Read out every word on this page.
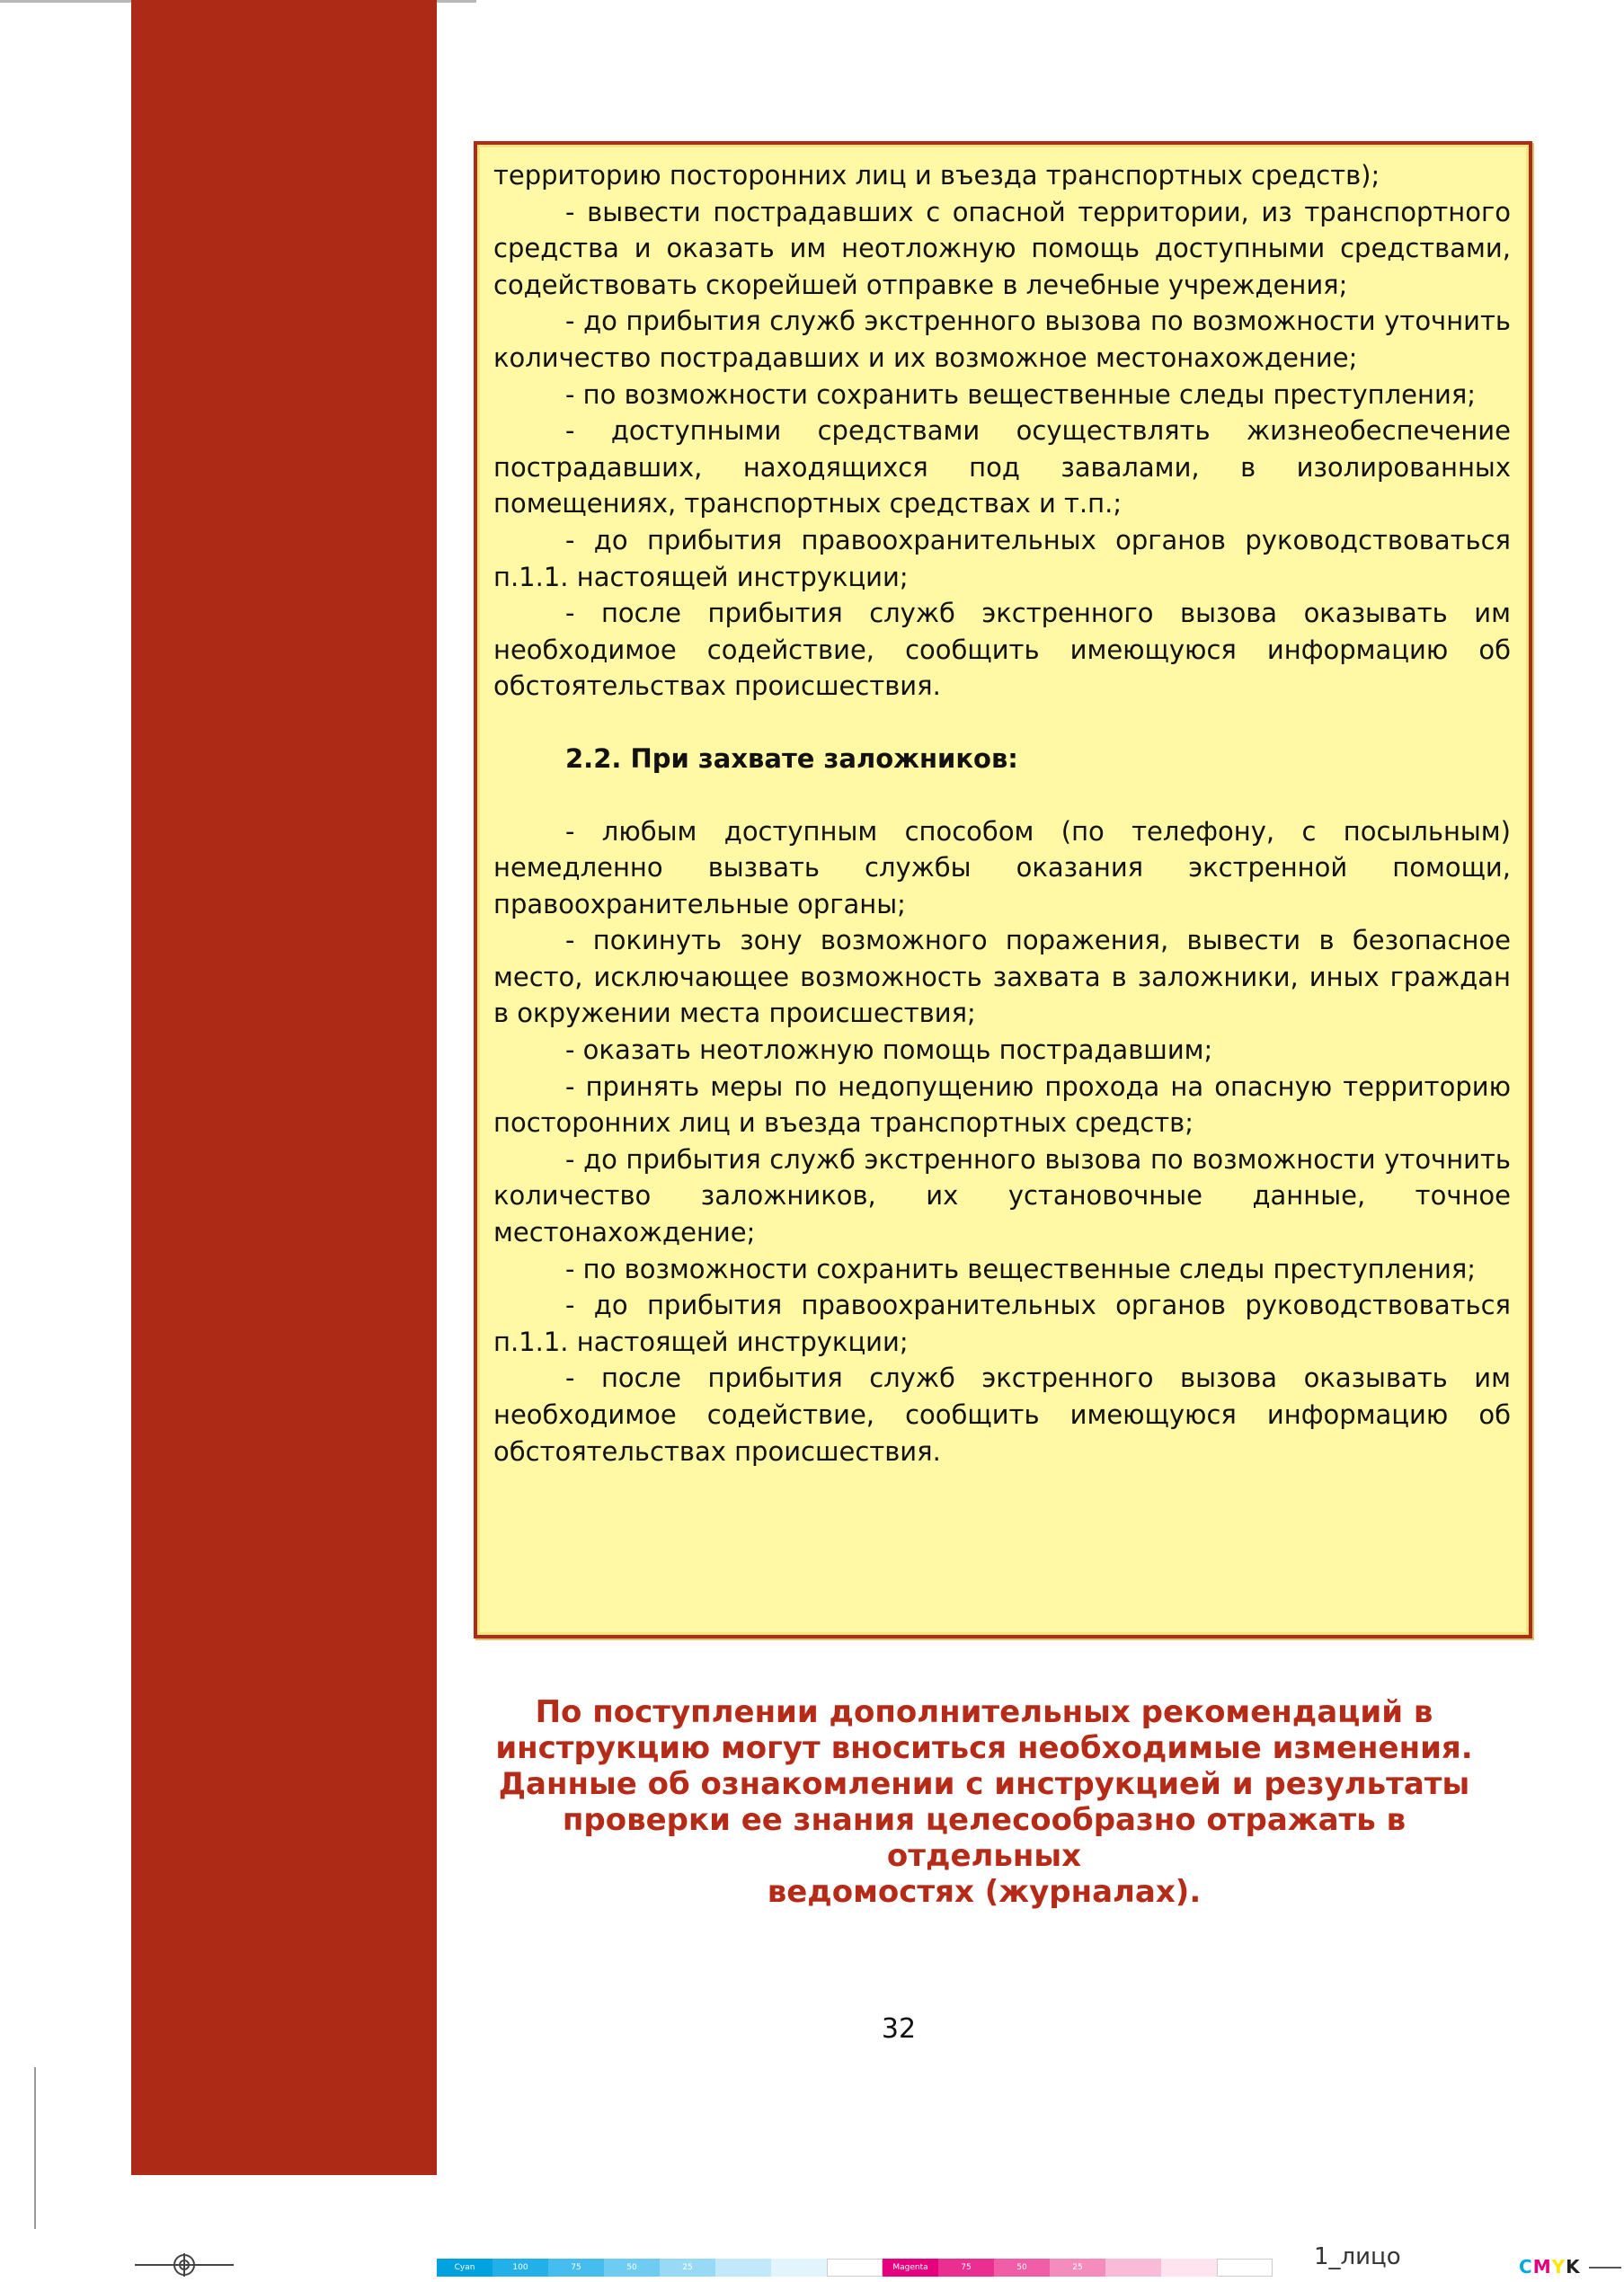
территорию посторонних лиц и въезда транспортных средств);

- вывести пострадавших с опасной территории, из транспортного средства и оказать им неотложную помощь доступными средствами, содействовать скорейшей отправке в лечебные учреждения;

- до прибытия служб экстренного вызова по возможности уточнить количество пострадавших и их возможное местонахождение;

- по возможности сохранить вещественные следы преступления;

- доступными средствами осуществлять жизнеобеспечение пострадавших, находящихся под завалами, в изолированных помещениях, транспортных средствах и т.п.;

- до прибытия правоохранительных органов руководствоваться п.1.1. настоящей инструкции;

- после прибытия служб экстренного вызова оказывать им необходимое содействие, сообщить имеющуюся информацию об обстоятельствах происшествия.

2.2. При захвате заложников:

- любым доступным способом (по телефону, с посыльным) немедленно вызвать службы оказания экстренной помощи, правоохранительные органы;

- покинуть зону возможного поражения, вывести в безопасное место, исключающее возможность захвата в заложники, иных граждан в окружении места происшествия;

- оказать неотложную помощь пострадавшим;

- принять меры по недопущению прохода на опасную территорию посторонних лиц и въезда транспортных средств;

- до прибытия служб экстренного вызова по возможности уточнить количество заложников, их установочные данные, точное местонахождение;

- по возможности сохранить вещественные следы преступления;

- до прибытия правоохранительных органов руководствоваться п.1.1. настоящей инструкции;

- после прибытия служб экстренного вызова оказывать им необходимое содействие, сообщить имеющуюся информацию об обстоятельствах происшествия.

По поступлении дополнительных рекомендаций в
инструкцию могут вноситься необходимые изменения.
Данные об ознакомлении с инструкцией и результаты
проверки ее знания целесообразно отражать в отдельных
ведомостях (журналах).
32
Cyan	100	75	50	25	Magenta	75	50	25	1_лицо	CMYK
